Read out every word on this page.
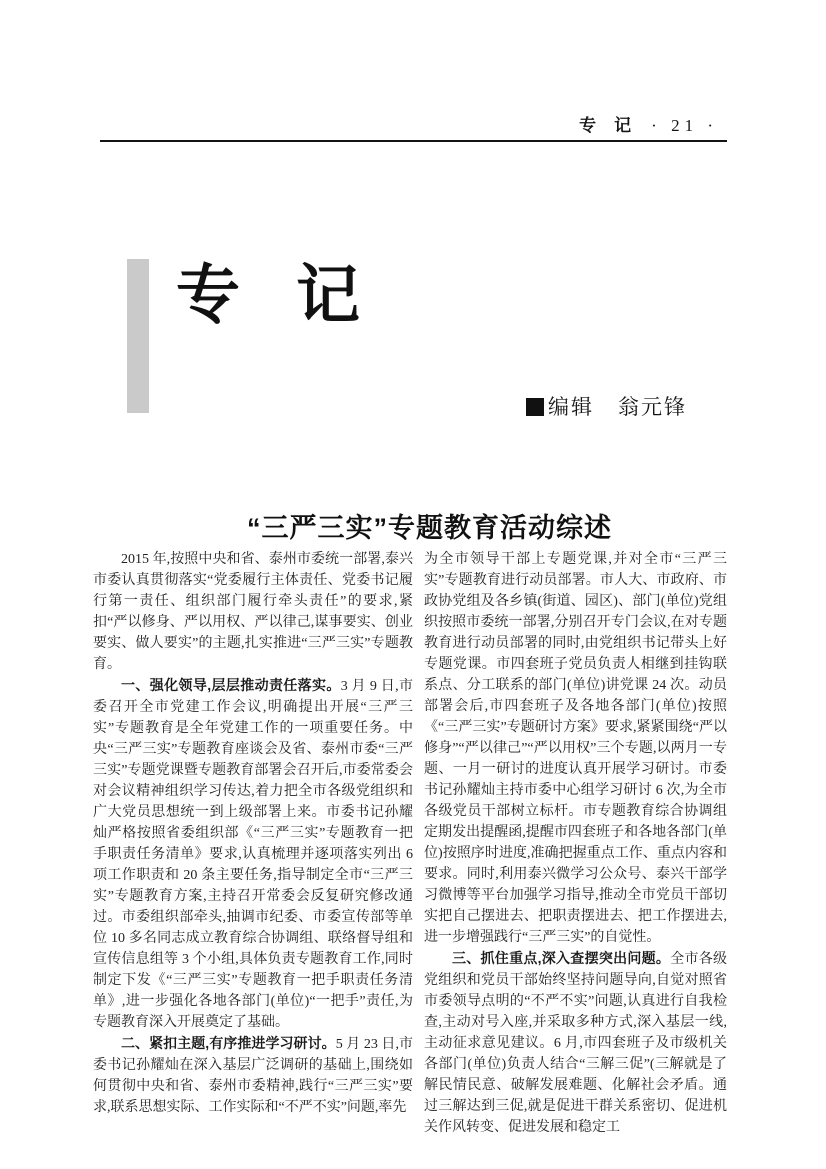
专记 · 21 ·
专记
编辑 翁元锋
“三严三实”专题教育活动综述

2015 年,按照中央和省、泰州市委统一部署,泰兴市委认真贯彻落实“党委履行主体责任、党委书记履行第一责任、组织部门履行牵头责任”的要求,紧扣“严以修身、严以用权、严以律己,谋事要实、创业要实、做人要实”的主题,扎实推进“三严三实”专题教育。

一、强化领导,层层推动责任落实。3 月 9 日,市委召开全市党建工作会议,明确提出开展“三严三实”专题教育是全年党建工作的一项重要任务。中央“三严三实”专题教育座谈会及省、泰州市委“三严三实”专题党课暨专题教育部署会召开后,市委常委会对会议精神组织学习传达,着力把全市各级党组织和广大党员思想统一到上级部署上来。市委书记孙耀灿严格按照省委组织部《“三严三实”专题教育一把手职责任务清单》要求,认真梳理并逐项落实列出 6 项工作职责和 20 条主要任务,指导制定全市“三严三实”专题教育方案,主持召开常委会反复研究修改通过。市委组织部牵头,抽调市纪委、市委宣传部等单位 10 多名同志成立教育综合协调组、联络督导组和宣传信息组等 3 个小组,具体负责专题教育工作,同时制定下发《“三严三实”专题教育一把手职责任务清单》,进一步强化各地各部门(单位)“一把手”责任,为专题教育深入开展奠定了基础。

二、紧扣主题,有序推进学习研讨。5 月 23 日,市委书记孙耀灿在深入基层广泛调研的基础上,围绕如何贯彻中央和省、泰州市委精神,践行“三严三实”要求,联系思想实际、工作实际和“不严不实”问题,率先

为全市领导干部上专题党课,并对全市“三严三实”专题教育进行动员部署。市人大、市政府、市政协党组及各乡镇(街道、园区)、部门(单位)党组织按照市委统一部署,分别召开专门会议,在对专题教育进行动员部署的同时,由党组织书记带头上好专题党课。市四套班子党员负责人相继到挂钩联系点、分工联系的部门(单位)讲党课 24 次。动员部署会后,市四套班子及各地各部门(单位)按照《“三严三实”专题研讨方案》要求,紧紧围绕“严以修身”“严以律己”“严以用权”三个专题,以两月一专题、一月一研讨的进度认真开展学习研讨。市委书记孙耀灿主持市委中心组学习研讨 6 次,为全市各级党员干部树立标杆。市专题教育综合协调组定期发出提醒函,提醒市四套班子和各地各部门(单位)按照序时进度,准确把握重点工作、重点内容和要求。同时,利用泰兴微学习公众号、泰兴干部学习微博等平台加强学习指导,推动全市党员干部切实把自己摆进去、把职责摆进去、把工作摆进去,进一步增强践行“三严三实”的自觉性。

三、抓住重点,深入查摆突出问题。全市各级党组织和党员干部始终坚持问题导向,自觉对照省市委领导点明的“不严不实”问题,认真进行自我检查,主动对号入座,并采取多种方式,深入基层一线,主动征求意见建议。6 月,市四套班子及市级机关各部门(单位)负责人结合“三解三促”(三解就是了解民情民意、破解发展难题、化解社会矛盾。通过三解达到三促,就是促进干群关系密切、促进机关作风转变、促进发展和稳定工
